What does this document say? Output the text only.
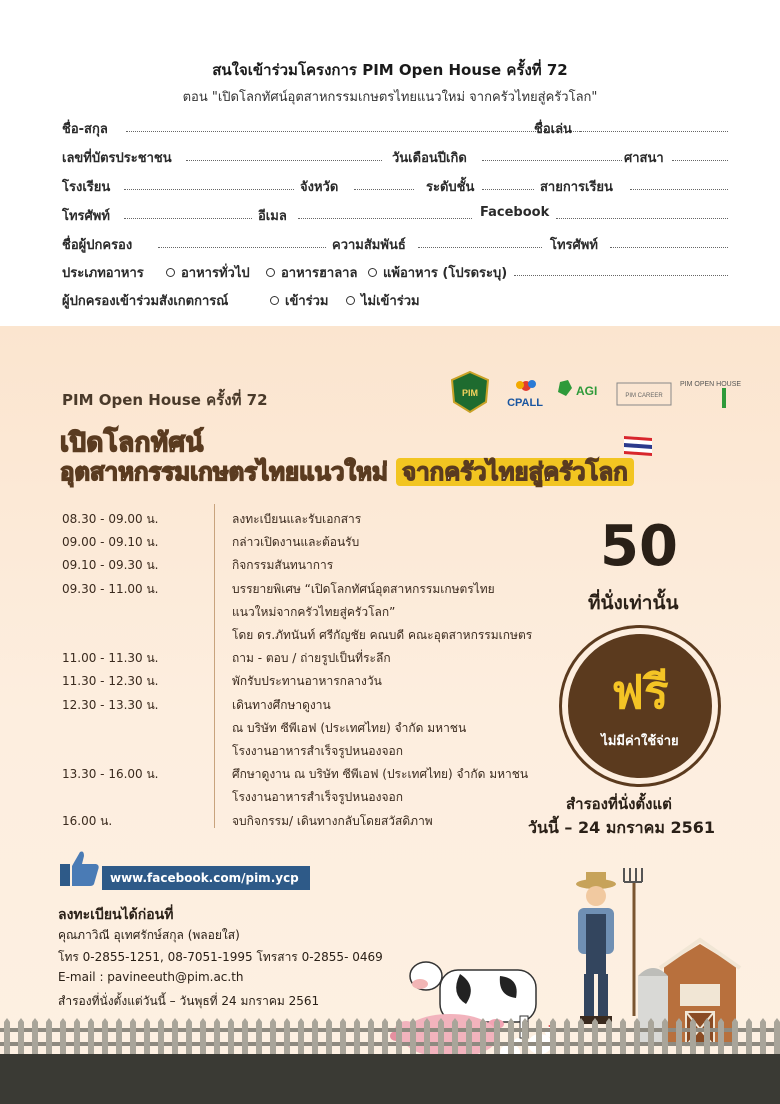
สนใจเข้าร่วมโครงการ PIM Open House ครั้งที่ 72
ตอน "เปิดโลกทัศน์อุตสาหกรรมเกษตรไทยแนวใหม่ จากครัวไทยสู่ครัวโลก"
ชื่อ-สกุล	ชื่อเล่น
เลขที่บัตรประชาชน	วันเดือนปีเกิด	ศาสนา
โรงเรียน	จังหวัด	ระดับชั้น	สายการเรียน
โทรศัพท์	อีเมล	Facebook
ชื่อผู้ปกครอง	ความสัมพันธ์	โทรศัพท์
ประเภทอาหาร	อาหารทั่วไป	อาหารฮาลาล	แพ้อาหาร (โปรดระบุ)
ผู้ปกครองเข้าร่วมสังเกตการณ์	เข้าร่วม	ไม่เข้าร่วม
PIM Open House ครั้งที่ 72	PIM
CPALL
AGI	PIM CAREER
PIM OPEN HOUSE
เปิดโลกทัศน์
อุตสาหกรรมเกษตรไทยแนวใหม่ จากครัวไทยสู่ครัวโลก
08.30 - 09.00 น.	ลงทะเบียนและรับเอกสาร
09.00 - 09.10 น.	กล่าวเปิดงานและต้อนรับ
09.10 - 09.30 น.	กิจกรรมสันทนาการ
09.30 - 11.00 น.	บรรยายพิเศษ “เปิดโลกทัศน์อุตสาหกรรมเกษตรไทย
แนวใหม่จากครัวไทยสู่ครัวโลก”
โดย ดร.ภัทนันท์ ศรีกัญชัย คณบดี คณะอุตสาหกรรมเกษตร
11.00 - 11.30 น.	ถาม - ตอบ / ถ่ายรูปเป็นที่ระลึก
11.30 - 12.30 น.	พักรับประทานอาหารกลางวัน
12.30 - 13.30 น.	เดินทางศึกษาดูงาน
ณ บริษัท ซีพีเอฟ (ประเทศไทย) จำกัด มหาชน
โรงงานอาหารสำเร็จรูปหนองจอก
13.30 - 16.00 น.	ศึกษาดูงาน ณ บริษัท ซีพีเอฟ (ประเทศไทย) จำกัด มหาชน
โรงงานอาหารสำเร็จรูปหนองจอก
16.00 น.	จบกิจกรรม/ เดินทางกลับโดยสวัสดิภาพ
50
ที่นั่งเท่านั้น
ฟรี
ไม่มีค่าใช้จ่าย
สำรองที่นั่งตั้งแต่
วันนี้ – 24 มกราคม 2561
www.facebook.com/pim.ycp
ลงทะเบียนได้ก่อนที่
คุณภาวิณี อุเทศรักษ์สกุล (พลอยใส)
โทร 0-2855-1251, 08-7051-1995 โทรสาร 0-2855- 0469
E-mail : pavineeuth@pim.ac.th
สำรองที่นั่งตั้งแต่วันนี้ – วันพุธที่ 24 มกราคม 2561
